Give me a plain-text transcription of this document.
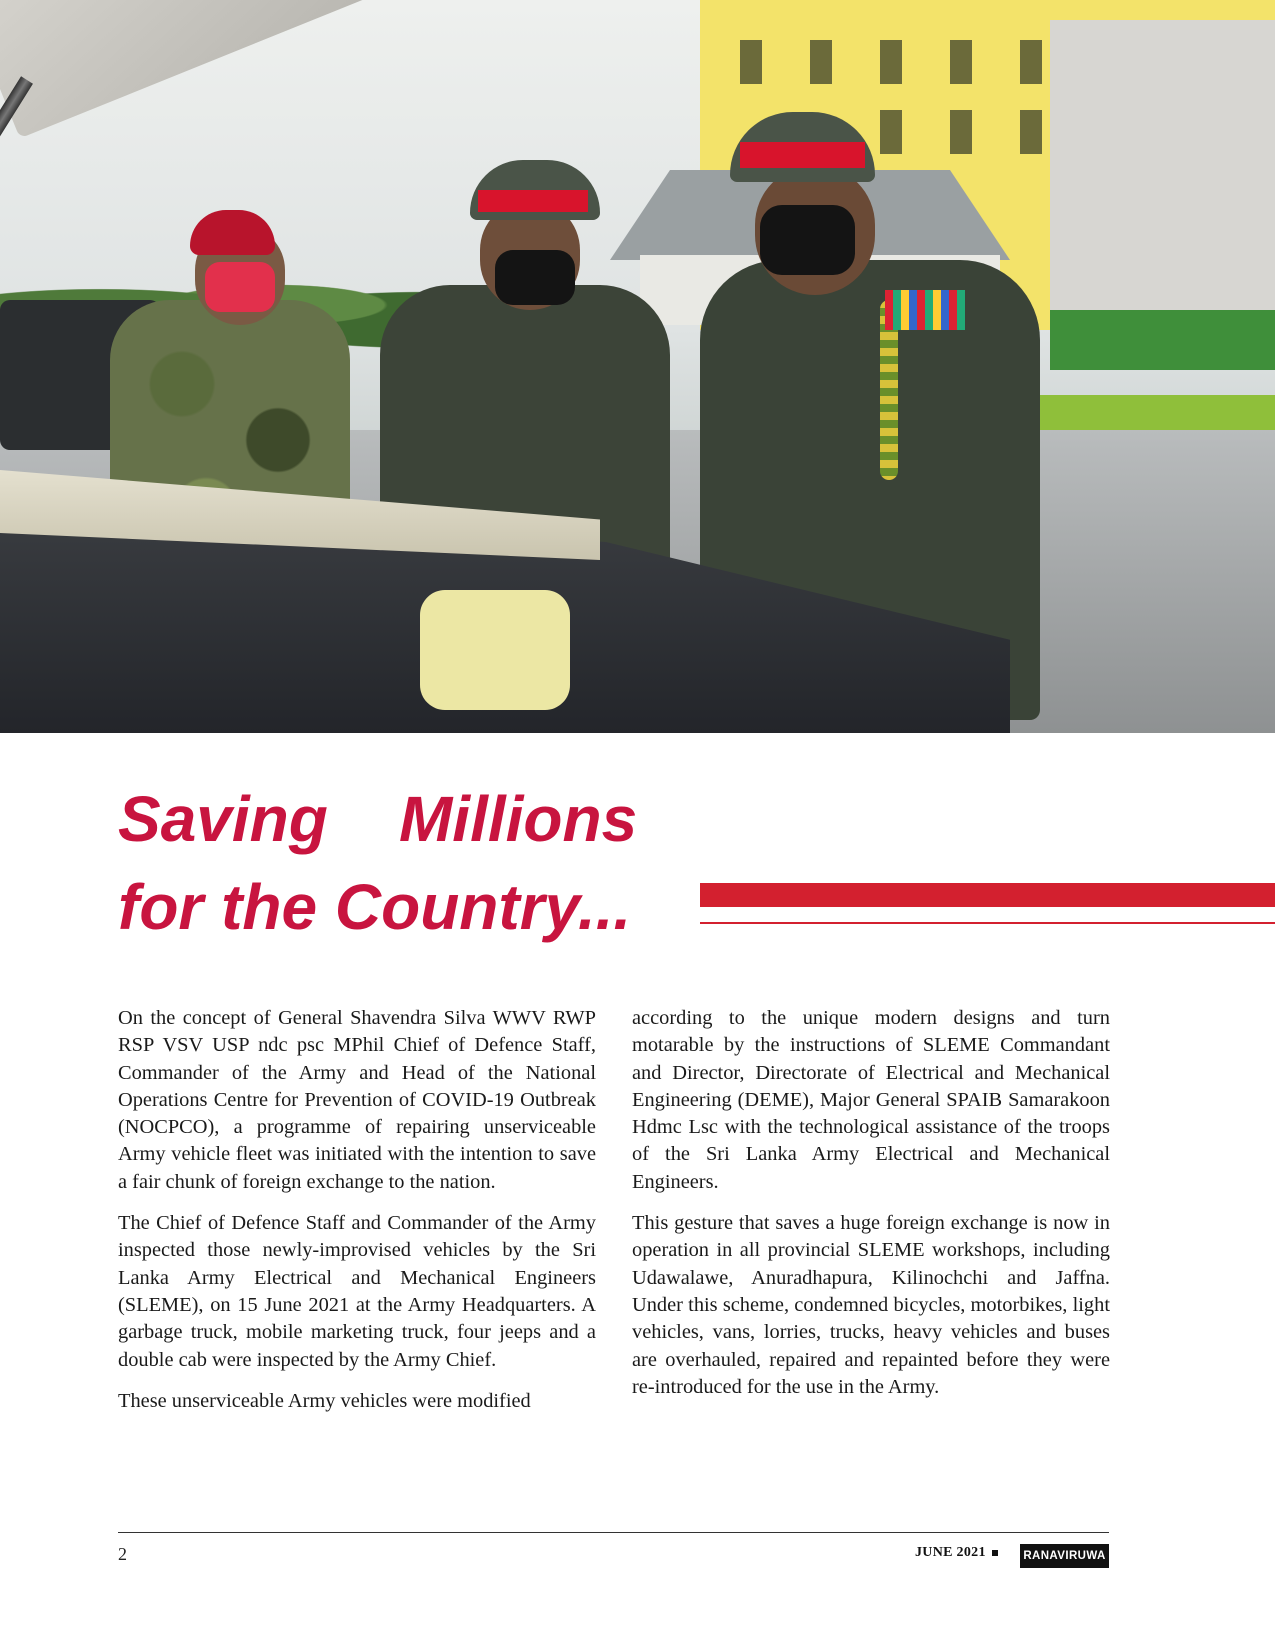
Saving    Millions
for the Country...

On the concept of General Shavendra Silva WWV RWP RSP VSV USP ndc psc MPhil Chief of Defence Staff, Commander of the Army and Head of the National Operations Centre for Prevention of COVID-19 Outbreak (NOCPCO), a programme of repairing unserviceable Army vehicle fleet was initiated with the intention to save a fair chunk of foreign exchange to the nation.

The Chief of Defence Staff and Commander of the Army inspected those newly-improvised vehicles by the Sri Lanka Army Electrical and Mechanical Engineers (SLEME), on 15 June 2021 at the Army Headquarters. A garbage truck, mobile marketing truck, four jeeps and a double cab were inspected by the Army Chief.

These unserviceable Army vehicles were modified

according to the unique modern designs and turn motarable by the instructions of SLEME Commandant and Director, Directorate of Electrical and Mechanical Engineering (DEME), Major General SPAIB Samarakoon Hdmc Lsc with the technological assistance of the troops of the Sri Lanka Army Electrical and Mechanical Engineers.

This gesture that saves a huge foreign exchange is now in operation in all provincial SLEME workshops, including Udawalawe, Anuradhapura, Kilinochchi and Jaffna. Under this scheme, condemned bicycles, motorbikes, light vehicles, vans, lorries, trucks, heavy vehicles and buses are overhauled, repaired and repainted before they were re-introduced for the use in the Army.

2	JUNE 2021	RANAVIRUWA
